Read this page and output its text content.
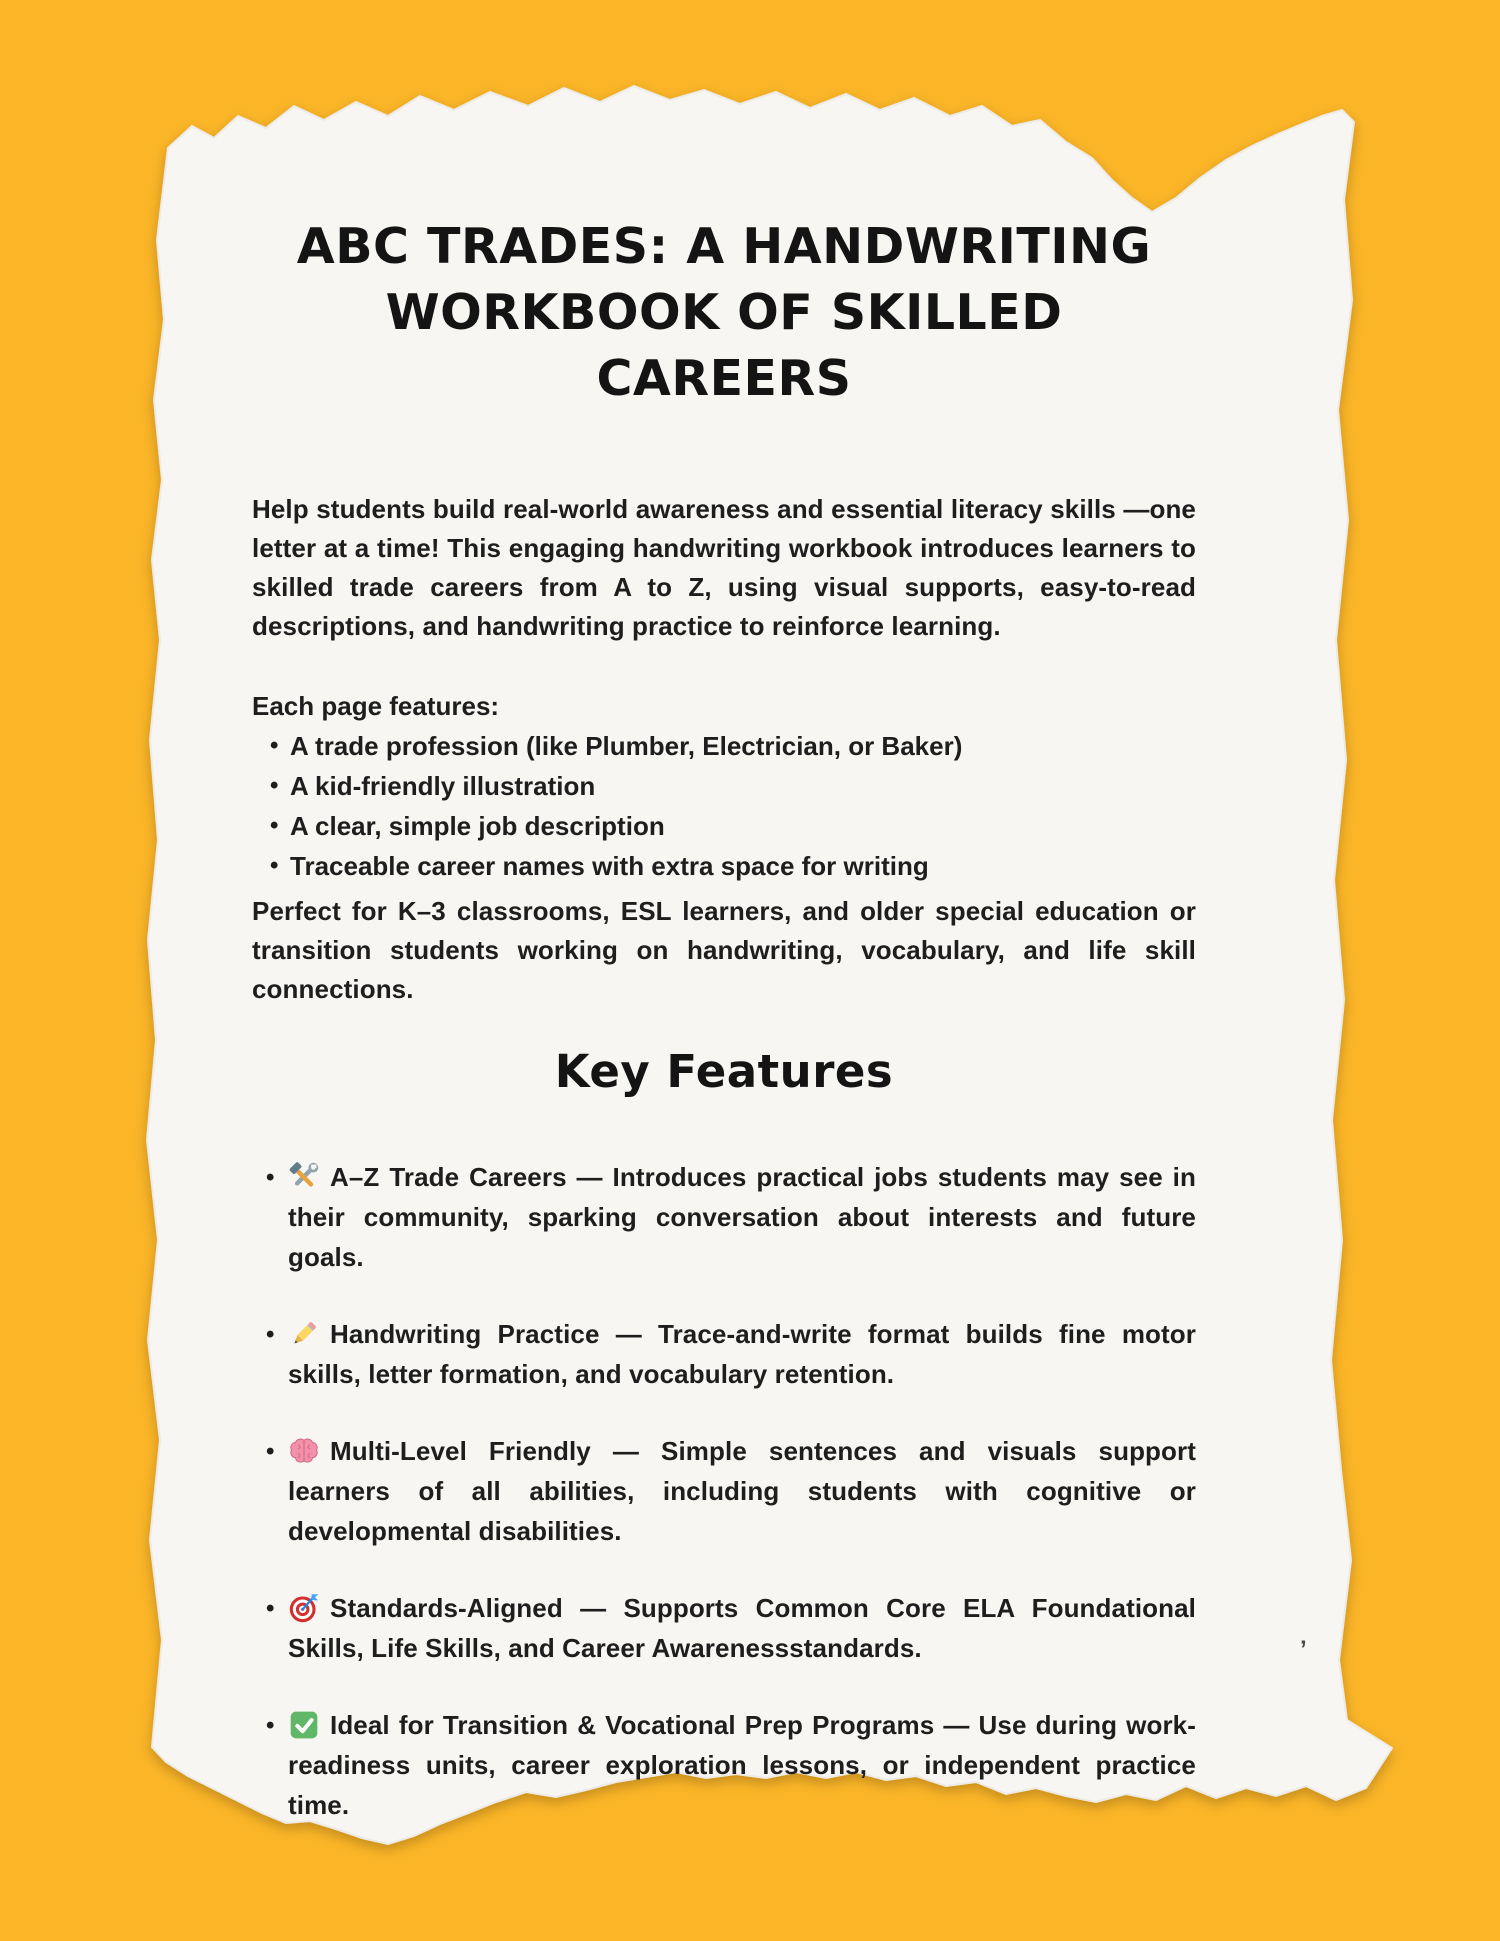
ABC TRADES: A HANDWRITING
WORKBOOK OF SKILLED CAREERS

Help students build real-world awareness and essential literacy skills —one letter at a time! This engaging handwriting workbook introduces learners to skilled trade careers from A to Z, using visual supports, easy-to-read descriptions, and handwriting practice to reinforce learning.

Each page features:
• A trade profession (like Plumber, Electrician, or Baker)
• A kid-friendly illustration
• A clear, simple job description
• Traceable career names with extra space for writing

Perfect for K–3 classrooms, ESL learners, and older special education or transition students working on handwriting, vocabulary, and life skill connections.

Key Features
• A–Z Trade Careers — Introduces practical jobs students may see in their community, sparking conversation about interests and future goals.
• Handwriting Practice — Trace-and-write format builds fine motor skills, letter formation, and vocabulary retention.
• Multi-Level Friendly — Simple sentences and visuals support learners of all abilities, including students with cognitive or developmental disabilities.
• Standards-Aligned — Supports Common Core ELA Foundational Skills, Life Skills, and Career Awarenessstandards.
• Ideal for Transition & Vocational Prep Programs — Use during work-readiness units, career exploration lessons, or independent practice time.
’
